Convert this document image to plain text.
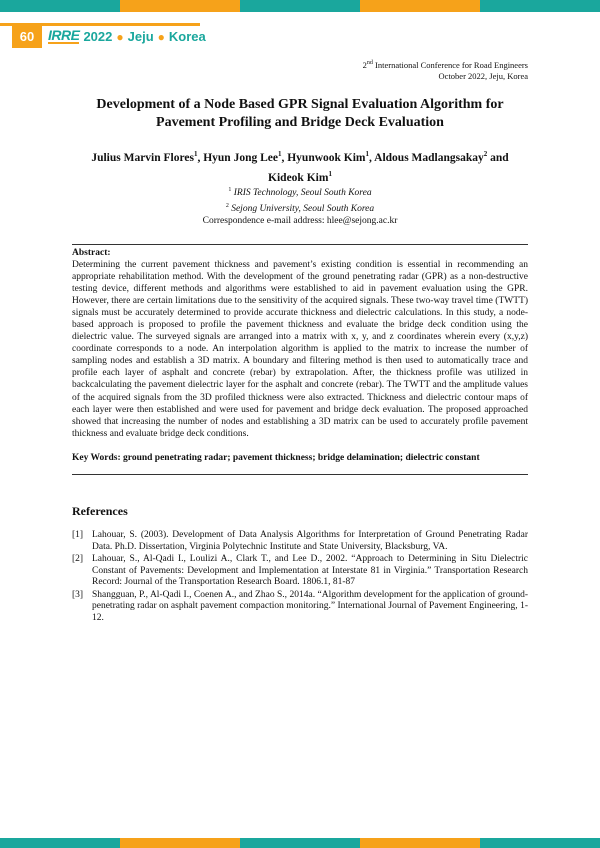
60 IRRE 2022 ● Jeju ● Korea
2nd International Conference for Road Engineers
October 2022, Jeju, Korea
Development of a Node Based GPR Signal Evaluation Algorithm for Pavement Profiling and Bridge Deck Evaluation
Julius Marvin Flores$^1$, Hyun Jong Lee$^1$, Hyunwook Kim$^1$, Aldous Madlangsakay$^2$ and Kideok Kim$^1$
$^1$ IRIS Technology, Seoul South Korea
$^2$ Sejong University, Seoul South Korea
Correspondence e-mail address: hlee@sejong.ac.kr
Abstract:

Determining the current pavement thickness and pavement’s existing condition is essential in recommending an appropriate rehabilitation method. With the development of the ground penetrating radar (GPR) as a non-destructive testing device, different methods and algorithms were established to aid in pavement evaluation using the GPR. However, there are certain limitations due to the sensitivity of the acquired signals. These two-way travel time (TWTT) signals must be accurately determined to provide accurate thickness and dielectric calculations. In this study, a node-based approach is proposed to profile the pavement thickness and evaluate the bridge deck condition using the dielectric value. The surveyed signals are arranged into a matrix with x, y, and z coordinates wherein every (x,y,z) coordinate corresponds to a node. An interpolation algorithm is applied to the matrix to increase the number of sampling nodes and establish a 3D matrix. A boundary and filtering method is then used to automatically trace and profile each layer of asphalt and concrete (rebar) by extrapolation. After, the thickness profile was utilized in backcalculating the pavement dielectric layer for the asphalt and concrete (rebar). The TWTT and the amplitude values of the acquired signals from the 3D profiled thickness were also extracted. Thickness and dielectric contour maps of each layer were then established and were used for pavement and bridge deck evaluation. The proposed approached showed that increasing the number of nodes and establishing a 3D matrix can be used to accurately profile pavement thickness and evaluate bridge deck conditions.

Key Words: ground penetrating radar; pavement thickness; bridge delamination; dielectric constant
References
[1] Lahouar, S. (2003). Development of Data Analysis Algorithms for Interpretation of Ground Penetrating Radar Data. Ph.D. Dissertation, Virginia Polytechnic Institute and State University, Blacksburg, VA.
[2] Lahouar, S., Al-Qadi I., Loulizi A., Clark T., and Lee D., 2002. “Approach to Determining in Situ Dielectric Constant of Pavements: Development and Implementation at Interstate 81 in Virginia.” Transportation Research Record: Journal of the Transportation Research Board. 1806.1, 81-87
[3] Shangguan, P., Al-Qadi I., Coenen A., and Zhao S., 2014a. “Algorithm development for the application of ground-penetrating radar on asphalt pavement compaction monitoring.” International Journal of Pavement Engineering, 1-12.
